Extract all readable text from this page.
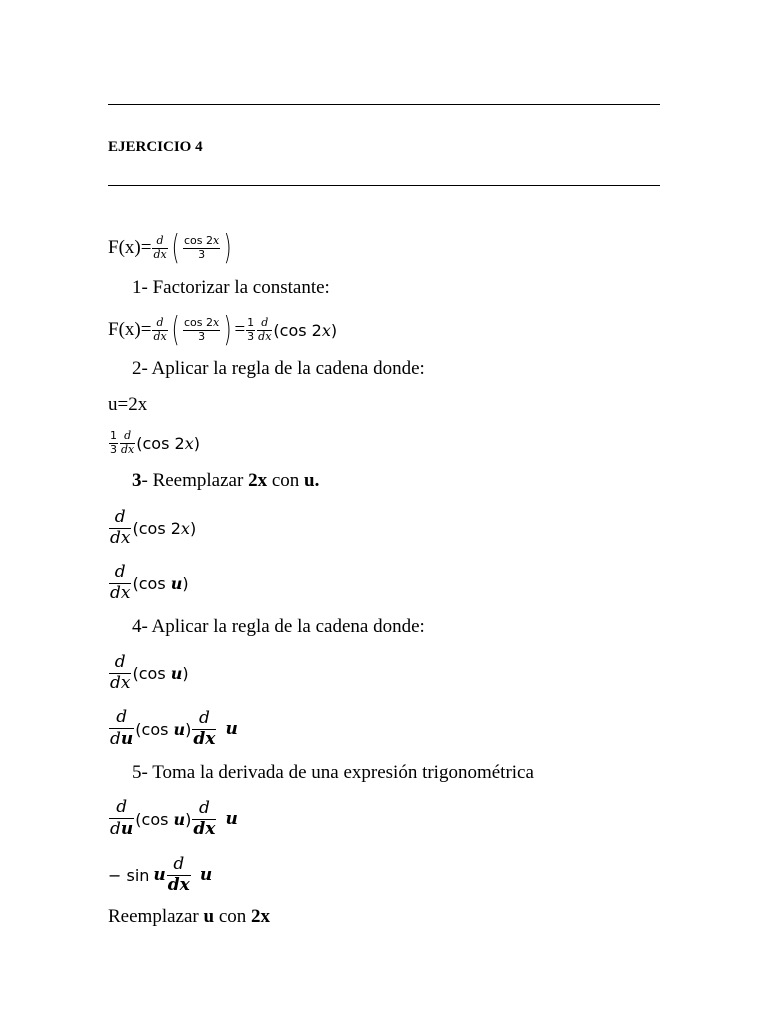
EJERCICIO 4
$F(x)= \frac{d}{dx}$ ( $\frac{\cos 2x}{3}$ )
1- Factorizar la constante:
$F(x)= \frac{d}{dx}$ ( $\frac{\cos 2x}{3}$ ) = $\frac{1}{3} \frac{d}{dx} (\cos$ 2x)
2- Aplicar la regla de la cadena donde:
u=2x
$\frac{1}{3} \frac{d}{dx} (\cos$ 2x)
3 - Reemplazar 2x con u.
$\frac{d}{dx} (\cos$ 2x)
$\frac{d}{dx} (\cos$ u)
4- Aplicar la regla de la cadena donde:
$\frac{d}{dx} (\cos$ u)
$\frac{d}{du} (\cos$ $u) \frac{d}{dx}$ u
5- Toma la derivada de una expresión trigonométrica
$\frac{d}{du} (\cos$ $u) \frac{d}{dx}$ u
− sin u $\frac{d}{dx}$ u
Reemplazar u con 2x
